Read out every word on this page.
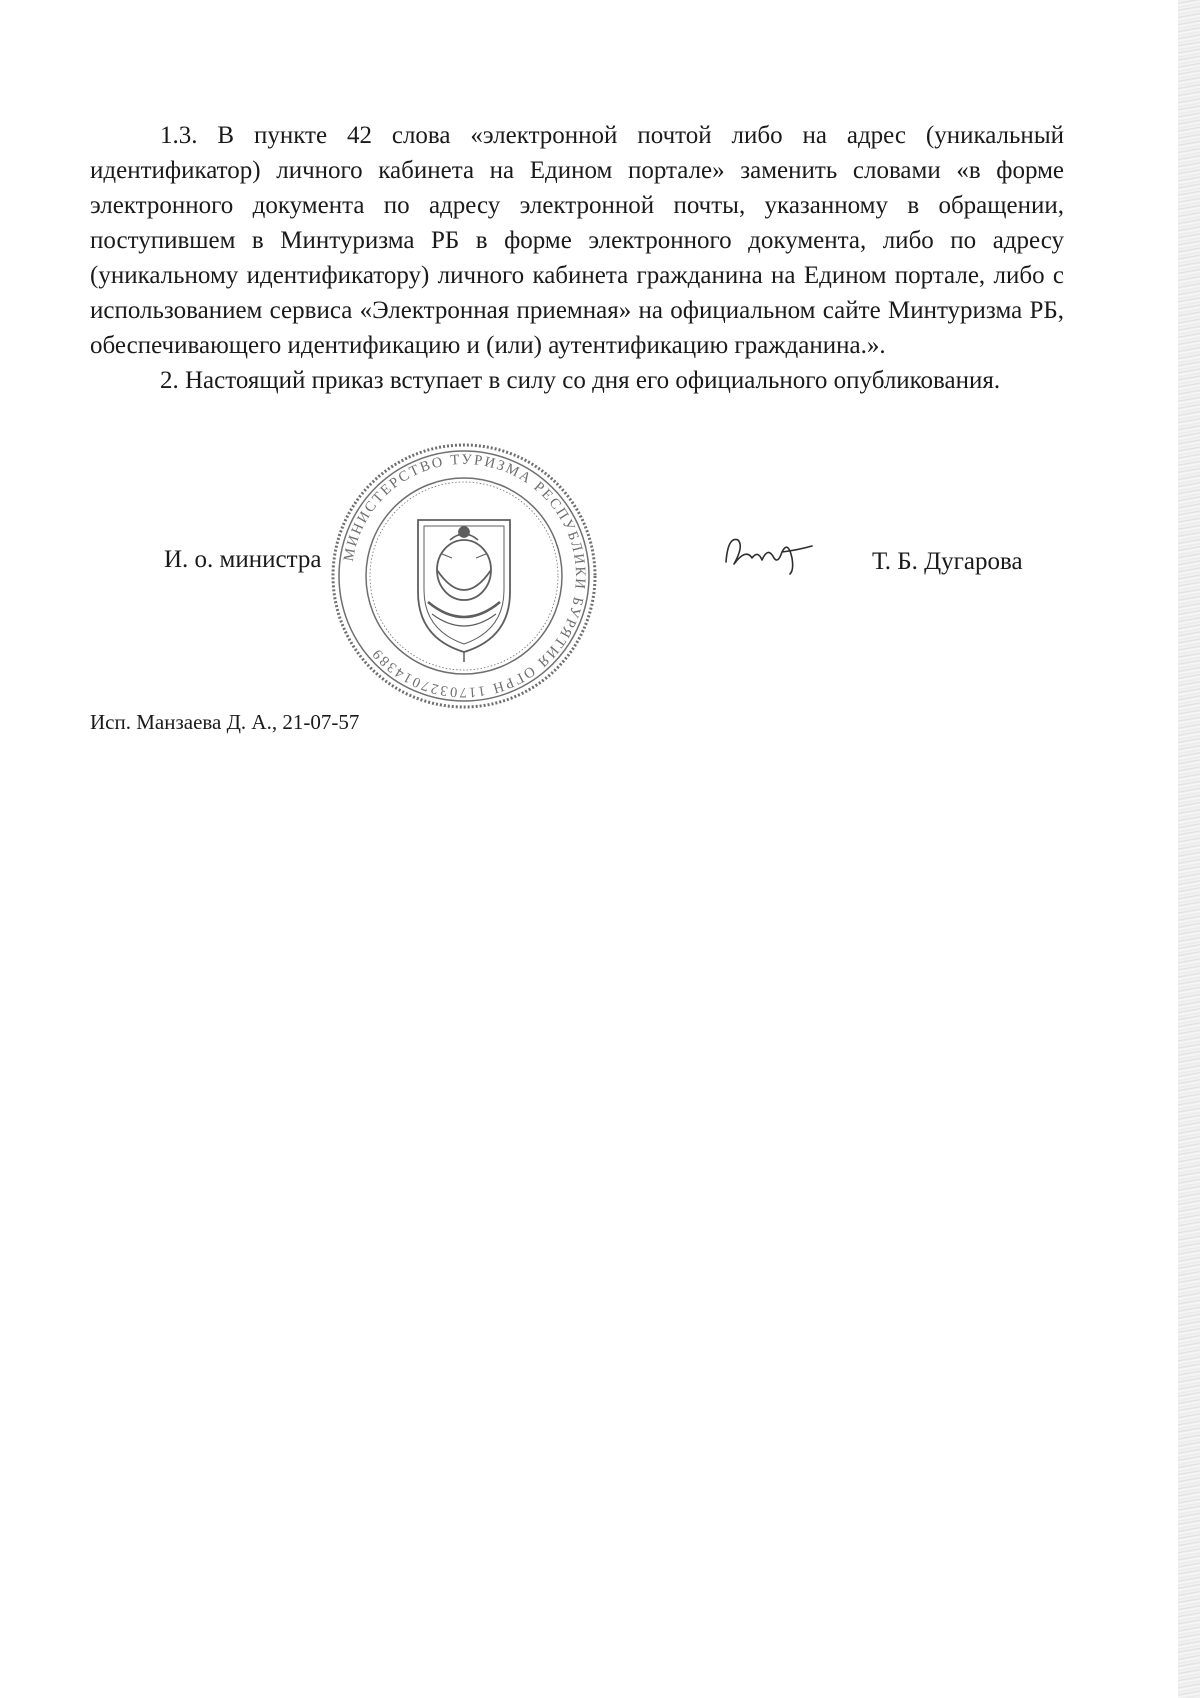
1.3. В пункте 42 слова «электронной почтой либо на адрес (уникальный идентификатор) личного кабинета на Едином портале» заменить словами «в форме электронного документа по адресу электронной почты, указанному в обращении, поступившем в Минтуризма РБ в форме электронного документа, либо по адресу (уникальному идентификатору) личного кабинета гражданина на Едином портале, либо с использованием сервиса «Электронная приемная» на официальном сайте Минтуризма РБ, обеспечивающего идентификацию и (или) аутентификацию гражданина.».

2. Настоящий приказ вступает в силу со дня его официального опубликования.

МИНИСТЕРСТВО ТУРИЗМА РЕСПУБЛИКИ БУРЯТИЯ ОГРН 1170327014389
И. о. министра	Т. Б. Дугарова
Исп. Манзаева Д. А., 21-07-57
